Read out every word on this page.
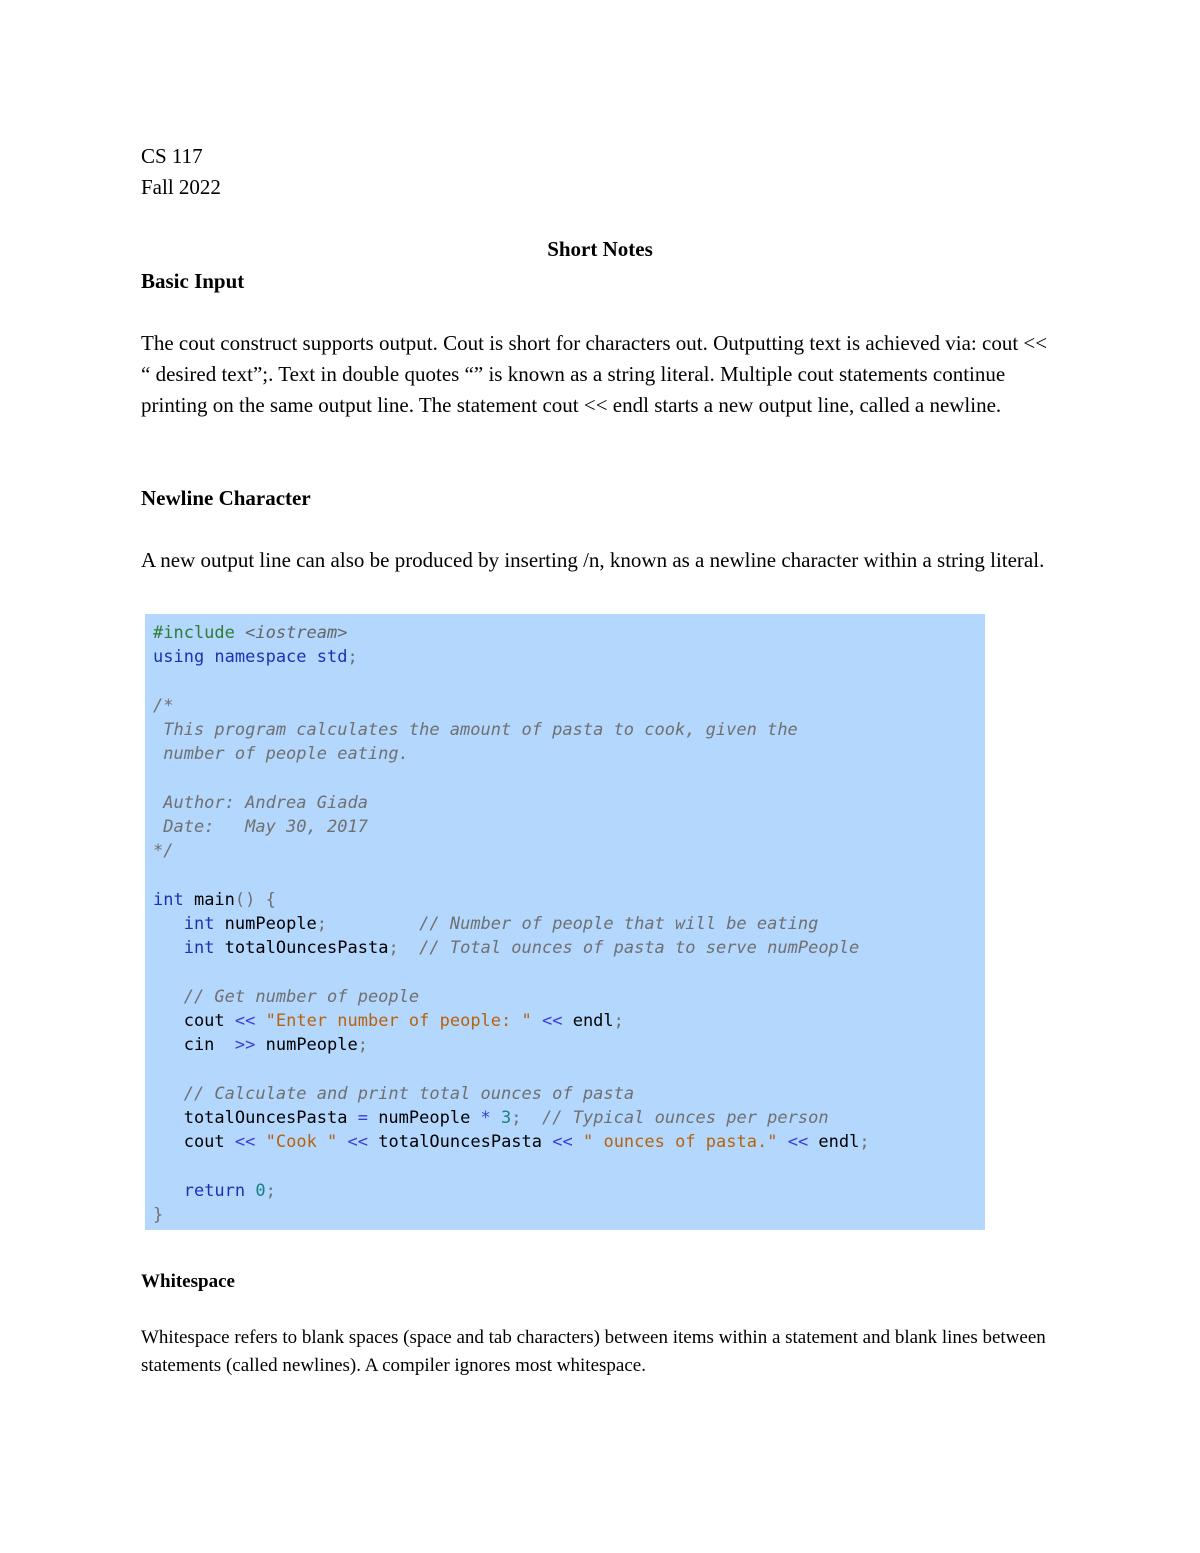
CS 117

Fall 2022

Short Notes

Basic Input

The cout construct supports output. Cout is short for characters out. Outputting text is achieved via: cout << “ desired text”;. Text in double quotes “” is known as a string literal. Multiple cout statements continue printing on the same output line. The statement cout << endl starts a new output line, called a newline.

Newline Character

A new output line can also be produced by inserting /n, known as a newline character within a string literal.

#include <iostream>
using namespace std;
/*
This program calculates the amount of pasta to cook, given the
number of people eating.
Author: Andrea Giada
Date:   May 30, 2017
*/
int main() {
int numPeople;         // Number of people that will be eating
int totalOuncesPasta;  // Total ounces of pasta to serve numPeople
// Get number of people
cout << "Enter number of people: " << endl;
cin  >> numPeople;
// Calculate and print total ounces of pasta
totalOuncesPasta = numPeople * 3;  // Typical ounces per person
cout << "Cook " << totalOuncesPasta << " ounces of pasta." << endl;
return 0;
}

Whitespace

Whitespace refers to blank spaces (space and tab characters) between items within a statement and blank lines between statements (called newlines). A compiler ignores most whitespace.
